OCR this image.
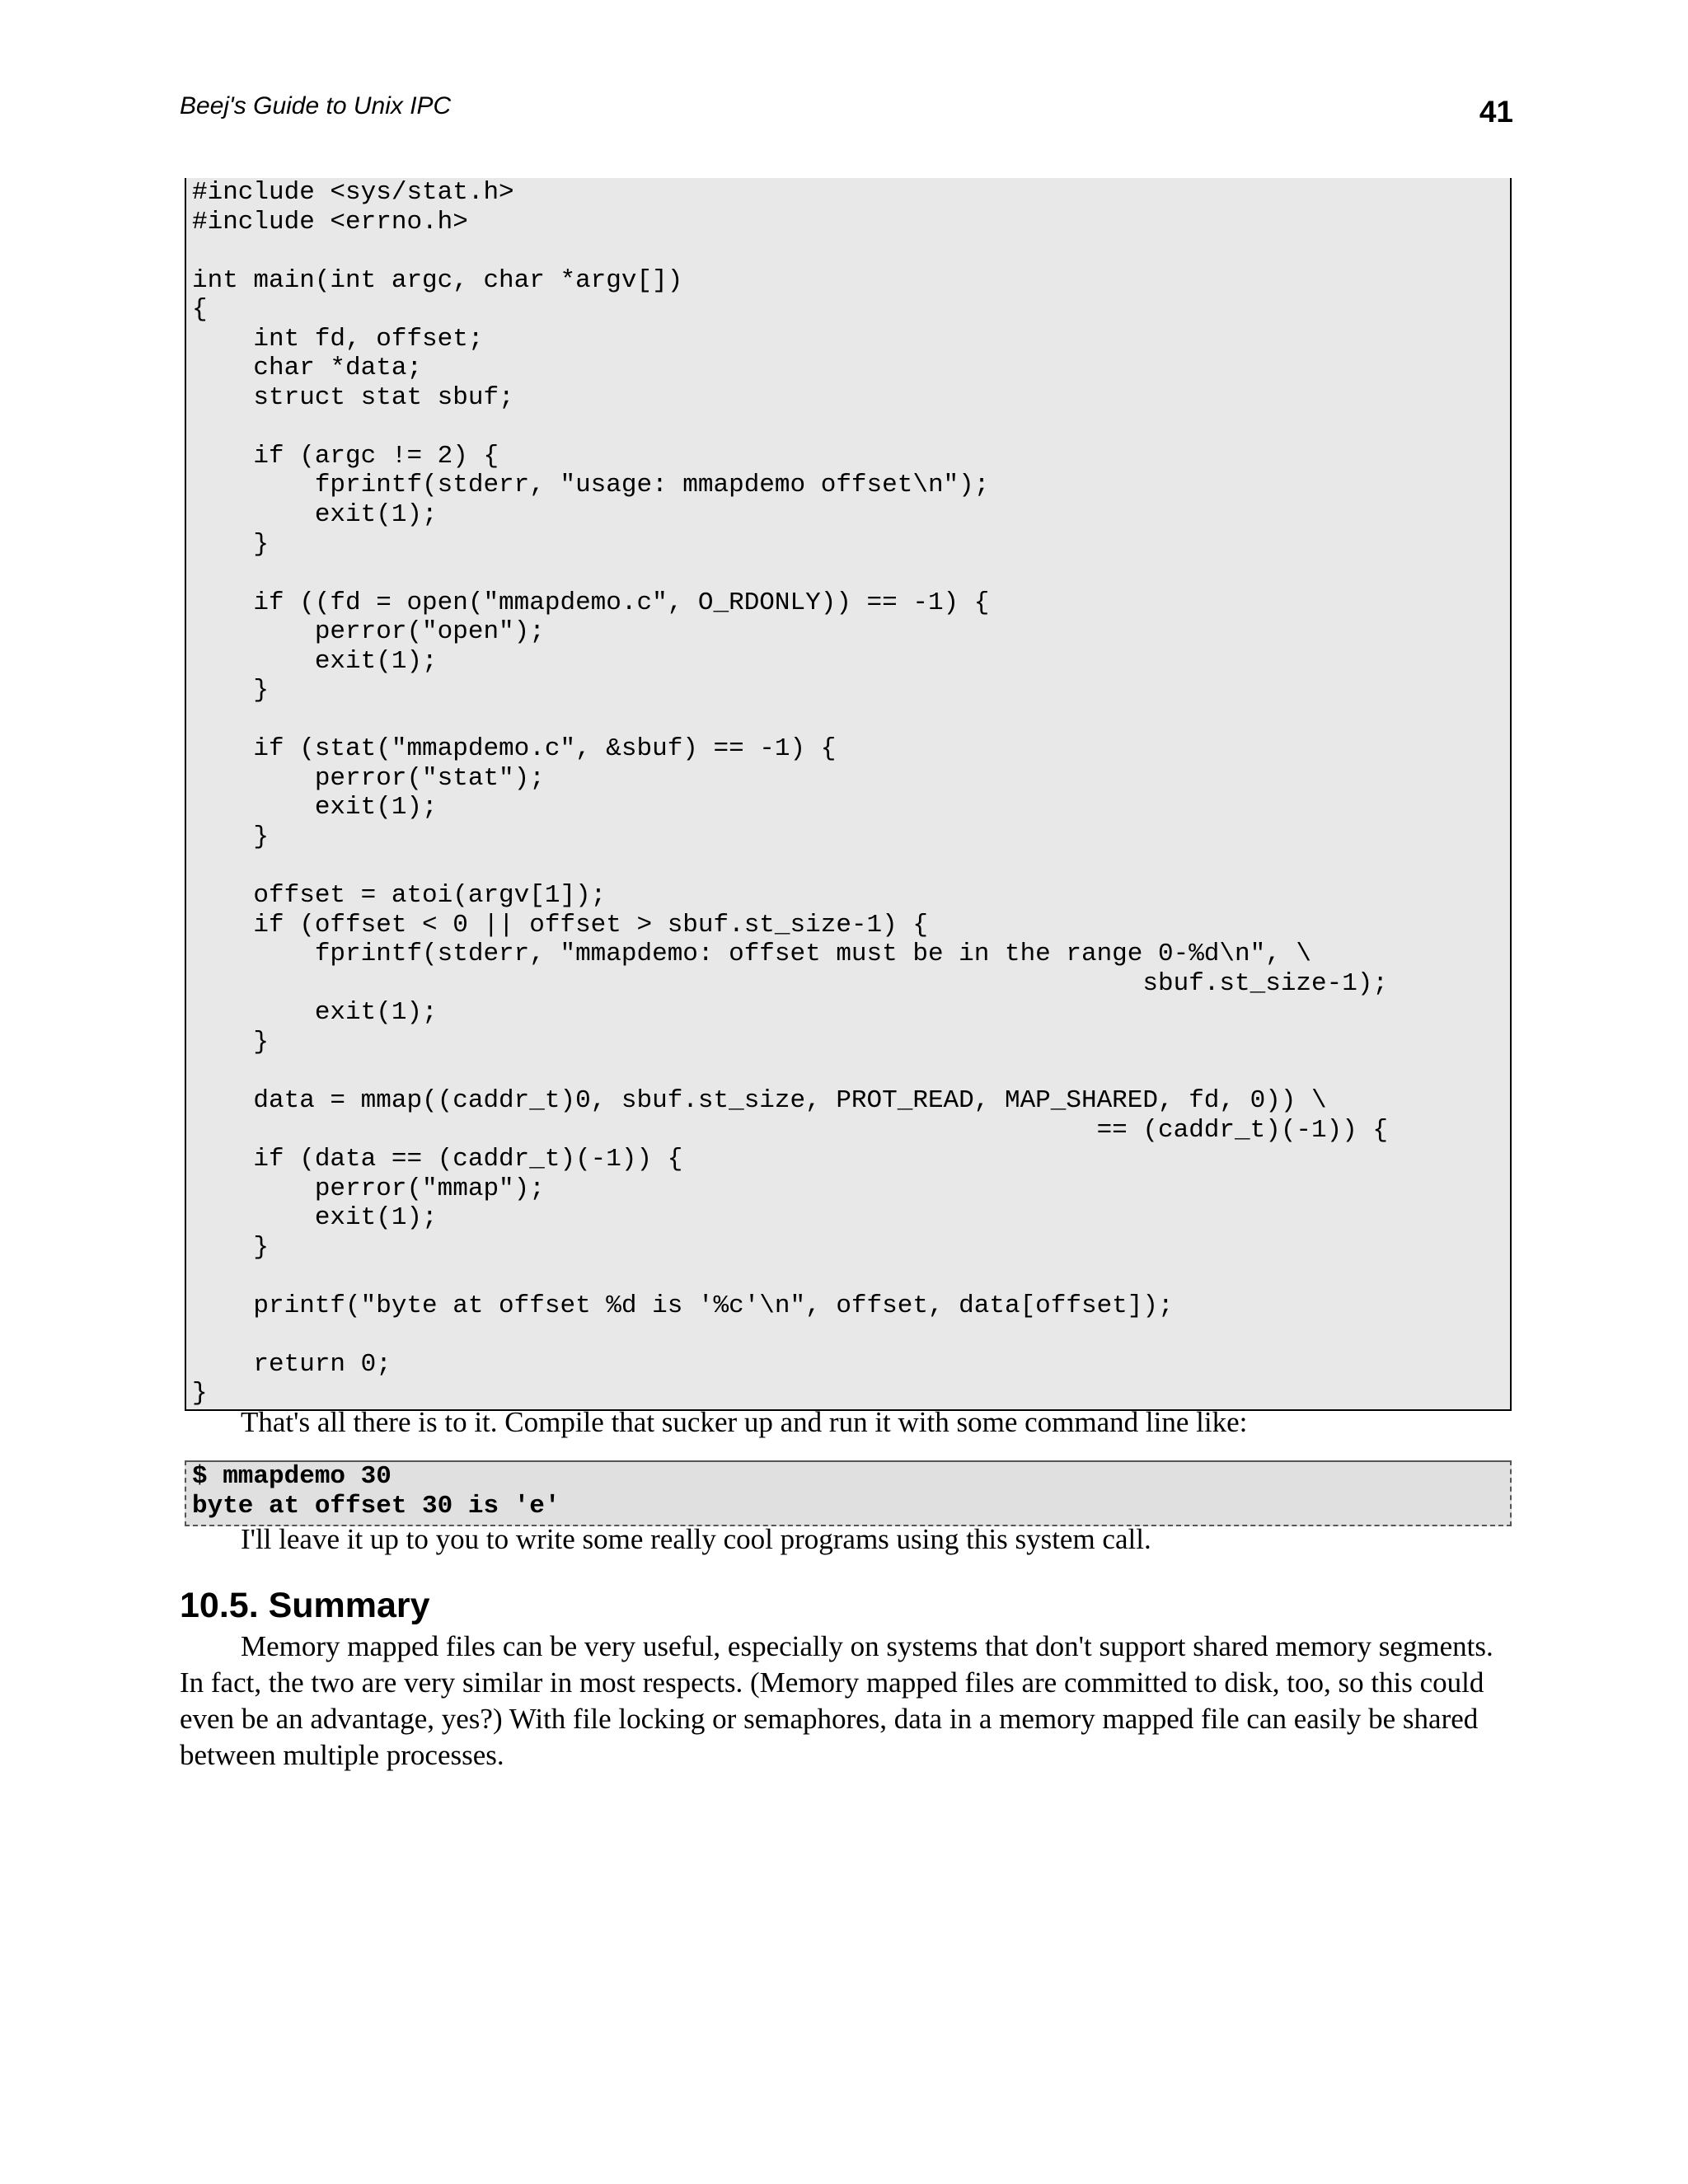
Beej's Guide to Unix IPC	41
#include <sys/stat.h>
#include <errno.h>
int main(int argc, char *argv[])
{
int fd, offset;
char *data;
struct stat sbuf;
if (argc != 2) {
fprintf(stderr, "usage: mmapdemo offset\n");
exit(1);
}
if ((fd = open("mmapdemo.c", O_RDONLY)) == -1) {
perror("open");
exit(1);
}
if (stat("mmapdemo.c", &sbuf) == -1) {
perror("stat");
exit(1);
}
offset = atoi(argv[1]);
if (offset < 0 || offset > sbuf.st_size-1) {
fprintf(stderr, "mmapdemo: offset must be in the range 0-%d\n", \
sbuf.st_size-1);
exit(1);
}
data = mmap((caddr_t)0, sbuf.st_size, PROT_READ, MAP_SHARED, fd, 0)) \
== (caddr_t)(-1)) {
if (data == (caddr_t)(-1)) {
perror("mmap");
exit(1);
}
printf("byte at offset %d is '%c'\n", offset, data[offset]);
return 0;
}

That's all there is to it. Compile that sucker up and run it with some command line like:

$ mmapdemo 30
byte at offset 30 is 'e'

I'll leave it up to you to write some really cool programs using this system call.

10.5. Summary

Memory mapped files can be very useful, especially on systems that don't support shared memory segments. In fact, the two are very similar in most respects. (Memory mapped files are committed to disk, too, so this could even be an advantage, yes?) With file locking or semaphores, data in a memory mapped file can easily be shared between multiple processes.
